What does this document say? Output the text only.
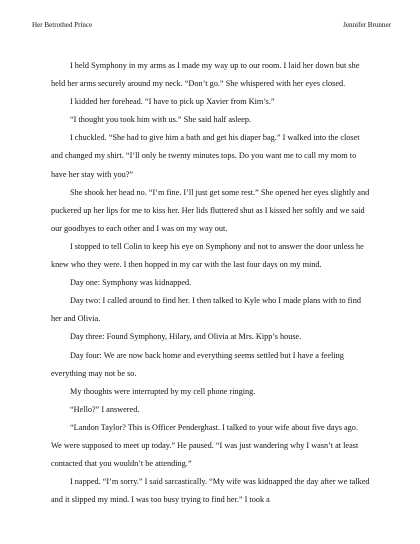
Her Betrothed Prince	Jennifer Brunner

I held Symphony in my arms as I made my way up to our room. I laid her down but she held her arms securely around my neck. “Don’t go.” She whispered with her eyes closed.

I kidded her forehead. “I have to pick up Xavier from Kim’s.”

“I thought you took him with us.” She said half asleep.

I chuckled. “She had to give him a bath and get his diaper bag.” I walked into the closet and changed my shirt. “I’ll only be twenty minutes tops. Do you want me to call my mom to have her stay with you?”

She shook her head no. “I’m fine. I’ll just get some rest.” She opened her eyes slightly and puckered up her lips for me to kiss her. Her lids fluttered shut as I kissed her softly and we said our goodbyes to each other and I was on my way out.

I stopped to tell Colin to keep his eye on Symphony and not to answer the door unless he knew who they were. I then hopped in my car with the last four days on my mind.

Day one: Symphony was kidnapped.

Day two: I called around to find her. I then talked to Kyle who I made plans with to find her and Olivia.

Day three: Found Symphony, Hilary, and Olivia at Mrs. Kipp’s house.

Day four: We are now back home and everything seems settled but I have a feeling everything may not be so.

My thoughts were interrupted by my cell phone ringing.

“Hello?” I answered.

“Landon Taylor? This is Officer Penderghast. I talked to your wife about five days ago. We were supposed to meet up today.” He paused. “I was just wandering why I wasn’t at least contacted that you wouldn’t be attending.”

I napped. “I’m sorry.” I said sarcastically. “My wife was kidnapped the day after we talked and it slipped my mind. I was too busy trying to find her.” I took a
